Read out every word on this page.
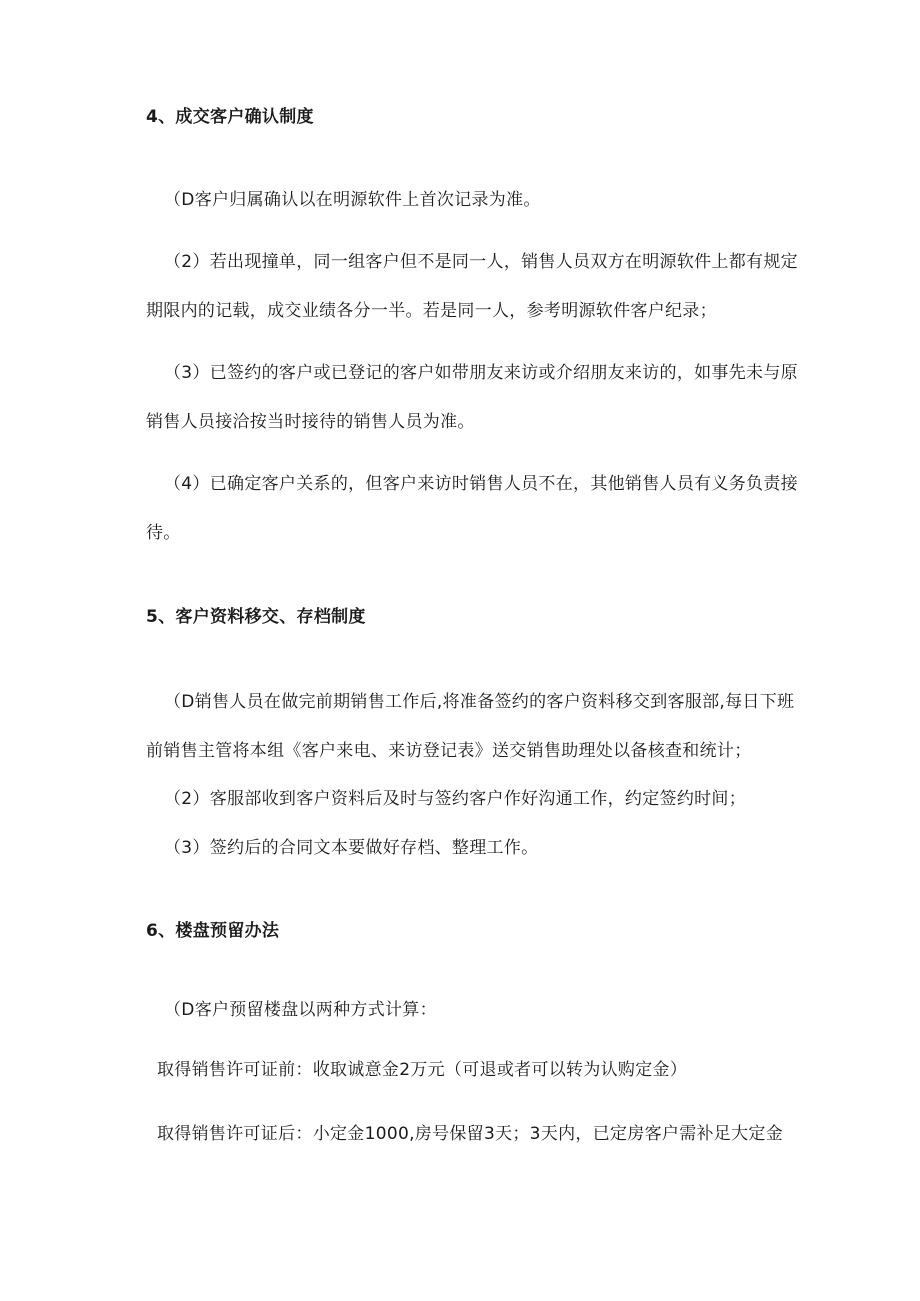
4、成交客户确认制度
（D客户归属确认以在明源软件上首次记录为准。
（2）若出现撞单，同一组客户但不是同一人，销售人员双方在明源软件上都有规定
期限内的记载，成交业绩各分一半。若是同一人，参考明源软件客户纪录；
（3）已签约的客户或已登记的客户如带朋友来访或介绍朋友来访的，如事先未与原
销售人员接洽按当时接待的销售人员为准。
（4）已确定客户关系的，但客户来访时销售人员不在，其他销售人员有义务负责接
待。
5、客户资料移交、存档制度
（D销售人员在做完前期销售工作后,将准备签约的客户资料移交到客服部,每日下班
前销售主管将本组《客户来电、来访登记表》送交销售助理处以备核查和统计；
（2）客服部收到客户资料后及时与签约客户作好沟通工作，约定签约时间；
（3）签约后的合同文本要做好存档、整理工作。
6、楼盘预留办法
（D客户预留楼盘以两种方式计算：
取得销售许可证前：收取诚意金2万元（可退或者可以转为认购定金）
取得销售许可证后：小定金1000,房号保留3天；3天内，已定房客户需补足大定金
